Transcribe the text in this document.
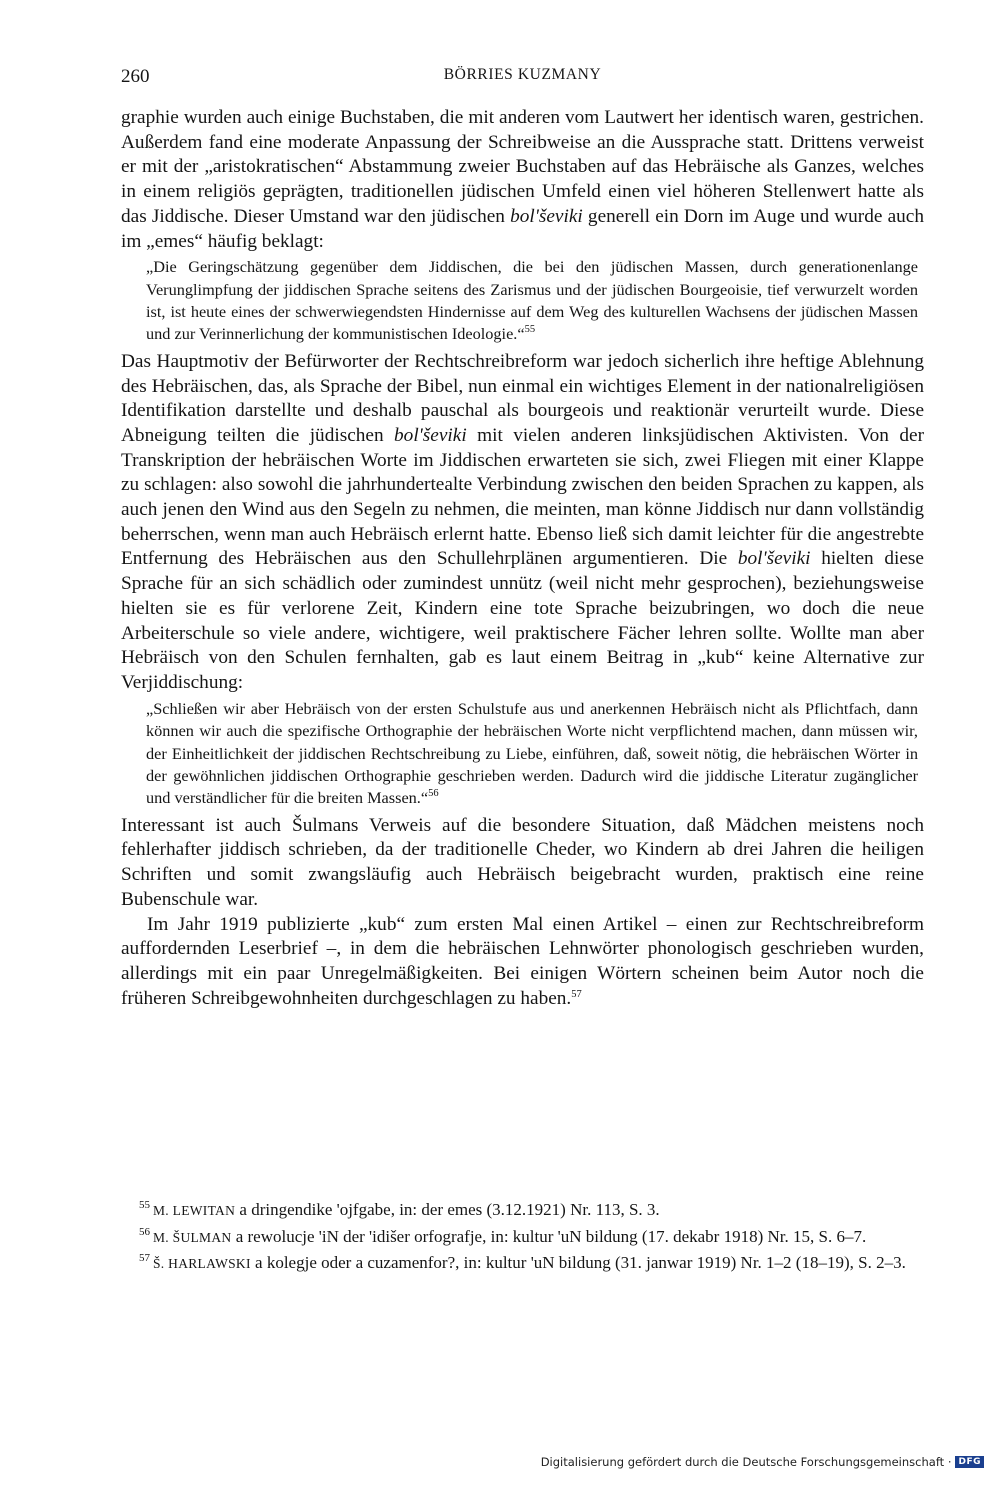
260	BÖRRIES KUZMANY

graphie wurden auch einige Buchstaben, die mit anderen vom Lautwert her identisch waren, gestrichen. Außerdem fand eine moderate Anpassung der Schreibweise an die Aussprache statt. Drittens verweist er mit der „aristokratischen“ Abstammung zweier Buchstaben auf das Hebräische als Ganzes, welches in einem religiös geprägten, traditionellen jüdischen Umfeld einen viel höheren Stellenwert hatte als das Jiddische. Dieser Umstand war den jüdischen bol'ševiki generell ein Dorn im Auge und wurde auch im „emes“ häufig beklagt:

„Die Geringschätzung gegenüber dem Jiddischen, die bei den jüdischen Massen, durch generationenlange Verunglimpfung der jiddischen Sprache seitens des Zarismus und der jüdischen Bourgeoisie, tief verwurzelt worden ist, ist heute eines der schwerwiegendsten Hindernisse auf dem Weg des kulturellen Wachsens der jüdischen Massen und zur Verinnerlichung der kommunistischen Ideologie.“$^{55}$

Das Hauptmotiv der Befürworter der Rechtschreibreform war jedoch sicherlich ihre heftige Ablehnung des Hebräischen, das, als Sprache der Bibel, nun einmal ein wichtiges Element in der nationalreligiösen Identifikation darstellte und deshalb pauschal als bourgeois und reaktionär verurteilt wurde. Diese Abneigung teilten die jüdischen bol'ševiki mit vielen anderen linksjüdischen Aktivisten. Von der Transkription der hebräischen Worte im Jiddischen erwarteten sie sich, zwei Fliegen mit einer Klappe zu schlagen: also sowohl die jahrhundertealte Verbindung zwischen den beiden Sprachen zu kappen, als auch jenen den Wind aus den Segeln zu nehmen, die meinten, man könne Jiddisch nur dann vollständig beherrschen, wenn man auch Hebräisch erlernt hatte. Ebenso ließ sich damit leichter für die angestrebte Entfernung des Hebräischen aus den Schullehrplänen argumentieren. Die bol'ševiki hielten diese Sprache für an sich schädlich oder zumindest unnütz (weil nicht mehr gesprochen), beziehungsweise hielten sie es für verlorene Zeit, Kindern eine tote Sprache beizubringen, wo doch die neue Arbeiterschule so viele andere, wichtigere, weil praktischere Fächer lehren sollte. Wollte man aber Hebräisch von den Schulen fernhalten, gab es laut einem Beitrag in „kub“ keine Alternative zur Verjiddischung:

„Schließen wir aber Hebräisch von der ersten Schulstufe aus und anerkennen Hebräisch nicht als Pflichtfach, dann können wir auch die spezifische Orthographie der hebräischen Worte nicht verpflichtend machen, dann müssen wir, der Einheitlichkeit der jiddischen Rechtschreibung zu Liebe, einführen, daß, soweit nötig, die hebräischen Wörter in der gewöhnlichen jiddischen Orthographie geschrieben werden. Dadurch wird die jiddische Literatur zugänglicher und verständlicher für die breiten Massen.“$^{56}$

Interessant ist auch Šulmans Verweis auf die besondere Situation, daß Mädchen meistens noch fehlerhafter jiddisch schrieben, da der traditionelle Cheder, wo Kindern ab drei Jahren die heiligen Schriften und somit zwangsläufig auch Hebräisch beigebracht wurden, praktisch eine reine Bubenschule war.

Im Jahr 1919 publizierte „kub“ zum ersten Mal einen Artikel – einen zur Rechtschreibreform auffordernden Leserbrief –, in dem die hebräischen Lehnwörter phonologisch geschrieben wurden, allerdings mit ein paar Unregelmäßigkeiten. Bei einigen Wörtern scheinen beim Autor noch die früheren Schreibgewohnheiten durchgeschlagen zu haben.$^{57}$

$^{55}$ M. LEWITAN a dringendike 'ojfgabe, in: der emes (3.12.1921) Nr. 113, S. 3.

$^{56}$ M. ŠULMAN a rewolucje 'iN der 'idišer orfografje, in: kultur 'uN bildung (17. dekabr 1918) Nr. 15, S. 6–7.

$^{57}$ Š. HARLAWSKI a kolegje oder a cuzamenfor?, in: kultur 'uN bildung (31. janwar 1919) Nr. 1–2 (18–19), S. 2–3.

Digitalisierung gefördert durch die Deutsche Forschungsgemeinschaft · DFG
